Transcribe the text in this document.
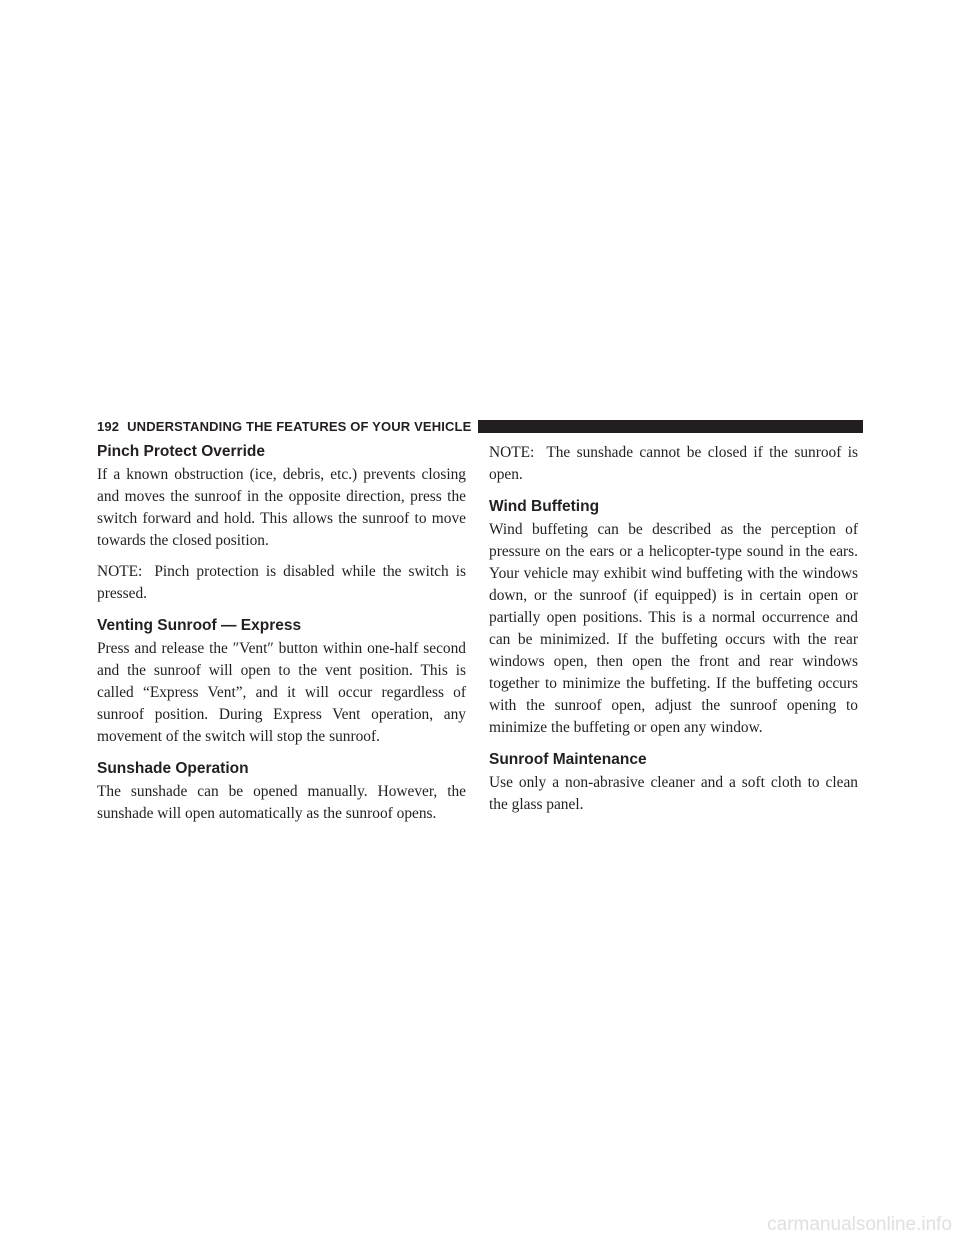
192 UNDERSTANDING THE FEATURES OF YOUR VEHICLE
Pinch Protect Override

If a known obstruction (ice, debris, etc.) prevents closing and moves the sunroof in the opposite direction, press the switch forward and hold. This allows the sunroof to move towards the closed position.

NOTE: Pinch protection is disabled while the switch is pressed.

Venting Sunroof — Express

Press and release the ″Vent″ button within one-half second and the sunroof will open to the vent position. This is called “Express Vent”, and it will occur regardless of sunroof position. During Express Vent operation, any movement of the switch will stop the sunroof.

Sunshade Operation

The sunshade can be opened manually. However, the sunshade will open automatically as the sunroof opens.

NOTE: The sunshade cannot be closed if the sunroof is open.

Wind Buffeting

Wind buffeting can be described as the perception of pressure on the ears or a helicopter-type sound in the ears. Your vehicle may exhibit wind buffeting with the windows down, or the sunroof (if equipped) is in certain open or partially open positions. This is a normal occurrence and can be minimized. If the buffeting occurs with the rear windows open, then open the front and rear windows together to minimize the buffeting. If the buffeting occurs with the sunroof open, adjust the sunroof opening to minimize the buffeting or open any window.

Sunroof Maintenance

Use only a non-abrasive cleaner and a soft cloth to clean the glass panel.

carmanualsonline.info
